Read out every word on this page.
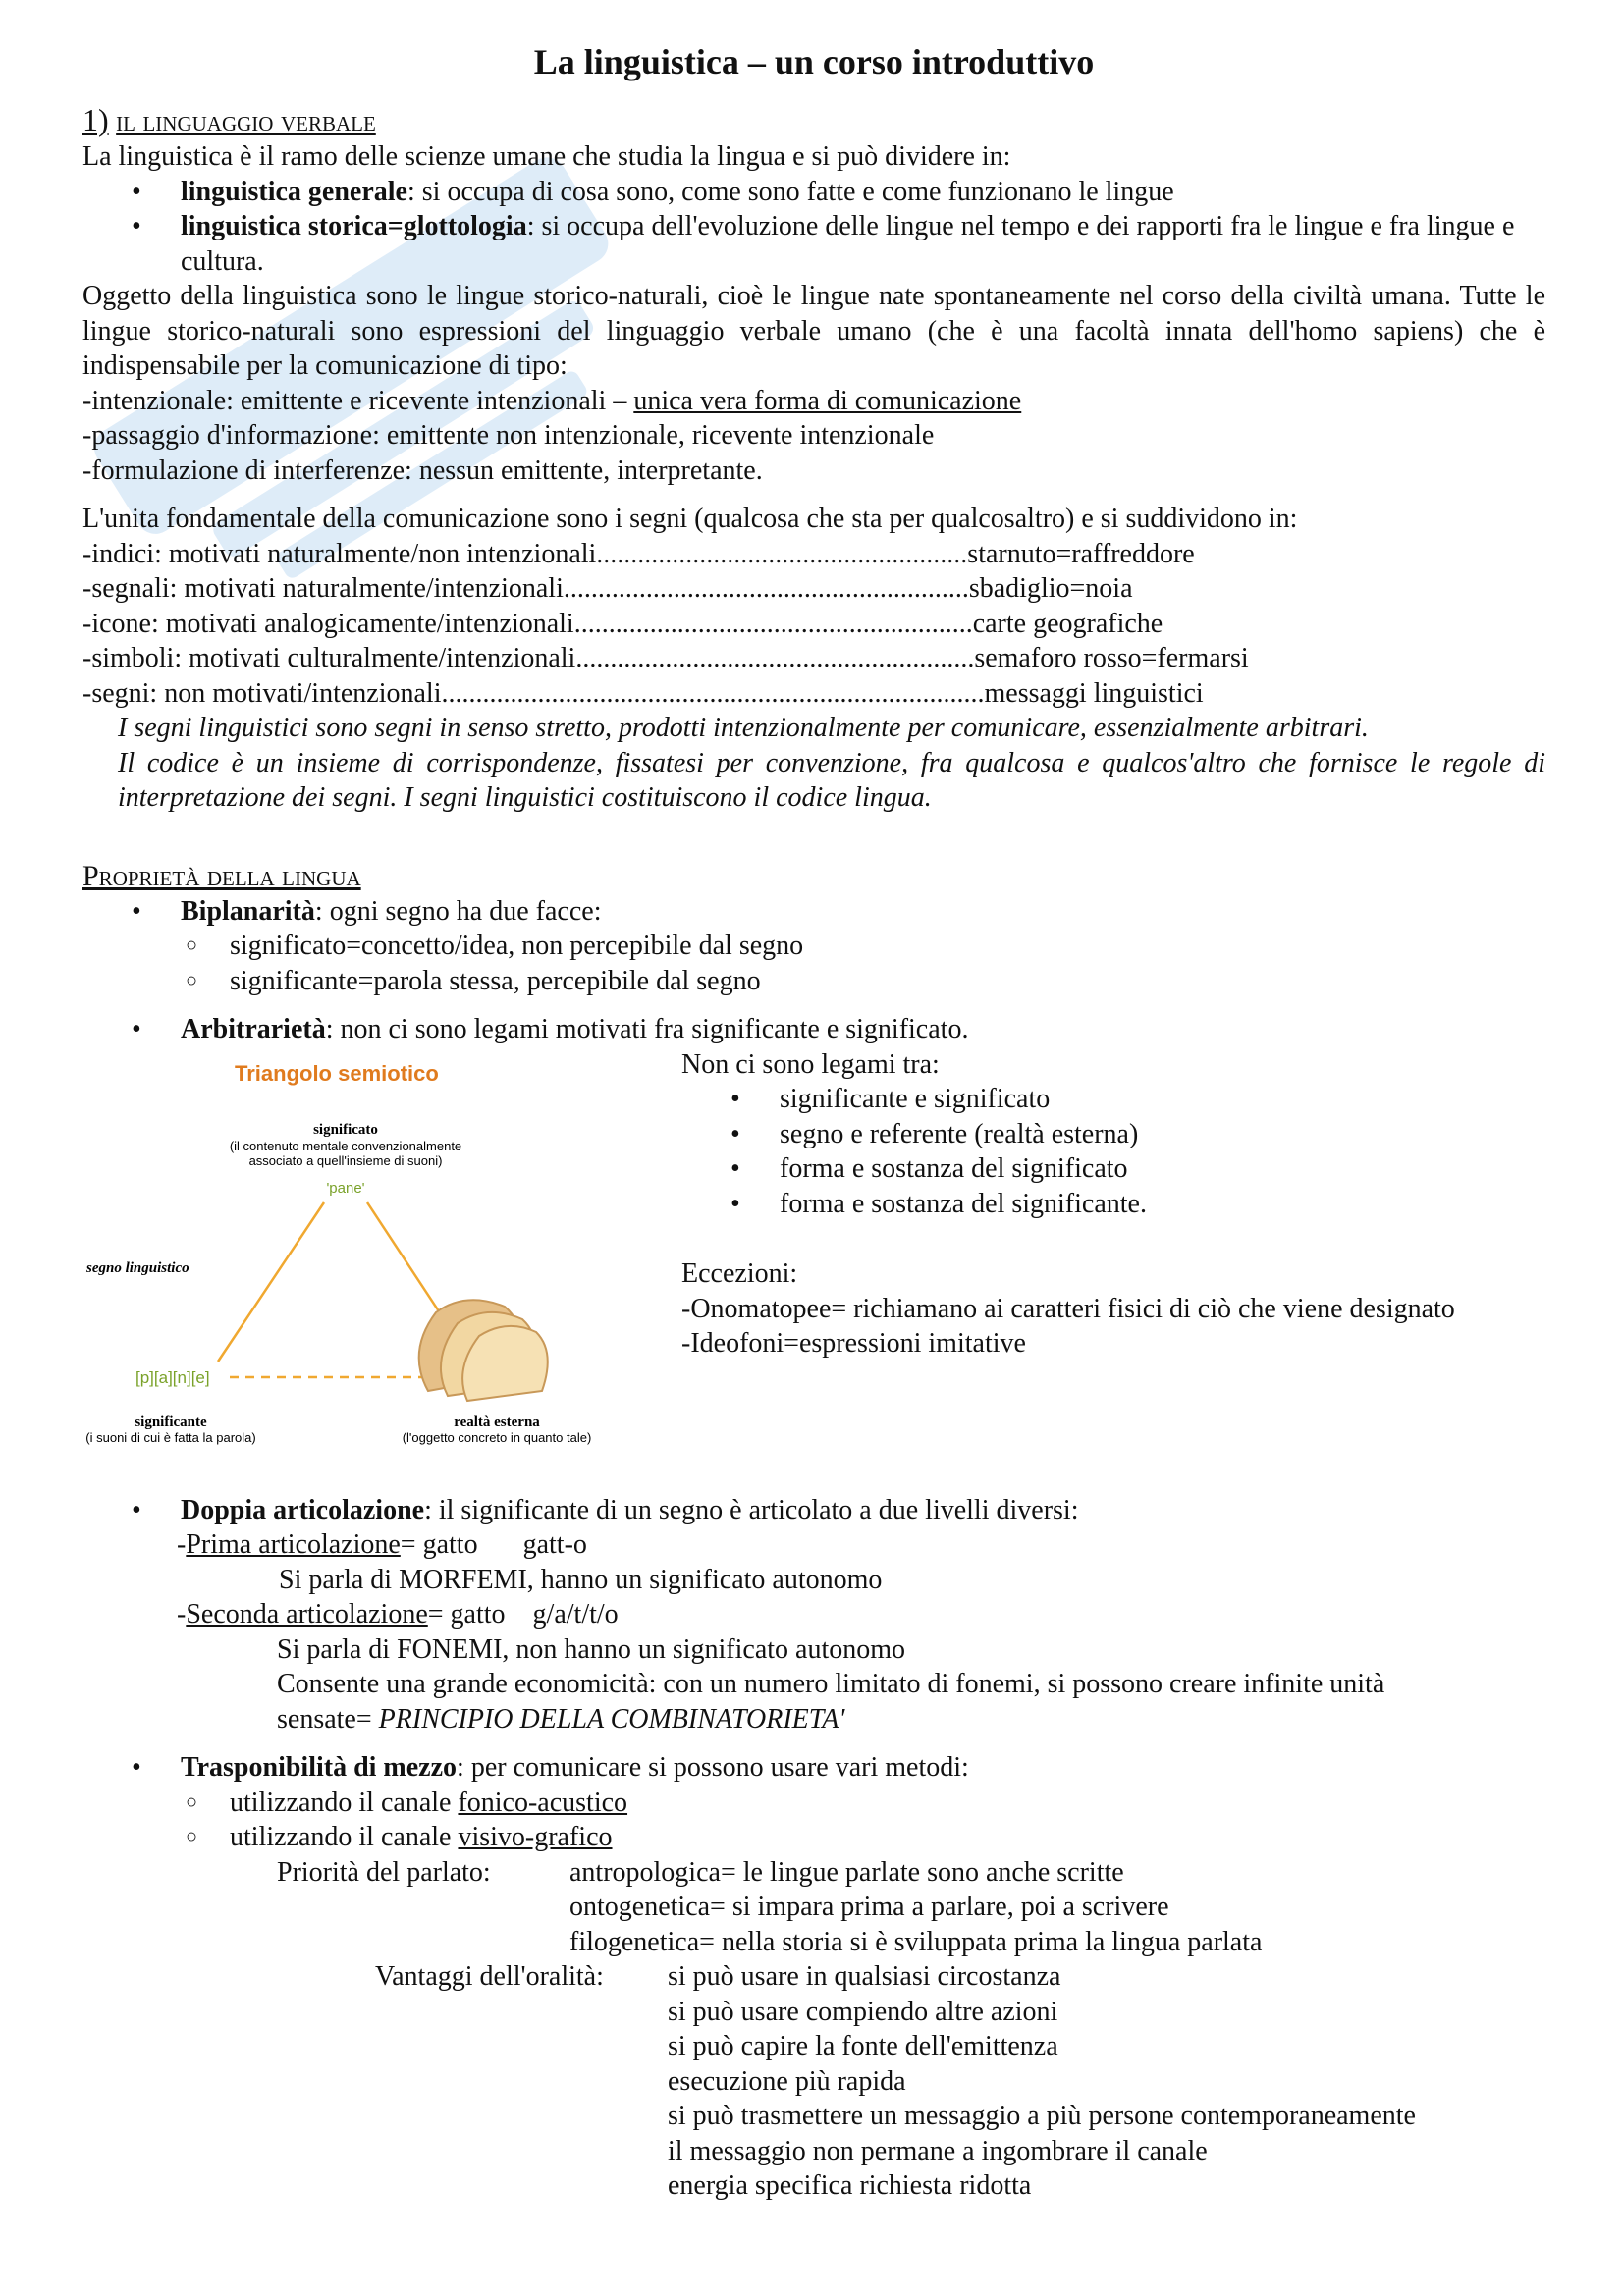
La linguistica – un corso introduttivo
1) il linguaggio verbale

La linguistica è il ramo delle scienze umane che studia la lingua e si può dividere in:

• linguistica generale: si occupa di cosa sono, come sono fatte e come funzionano le lingue
• linguistica storica=glottologia: si occupa dell'evoluzione delle lingue nel tempo e dei rapporti fra le lingue e fra lingue e cultura.

Oggetto della linguistica sono le lingue storico-naturali, cioè le lingue nate spontaneamente nel corso della civiltà umana. Tutte le lingue storico-naturali sono espressioni del linguaggio verbale umano (che è una facoltà innata dell'homo sapiens) che è indispensabile per la comunicazione di tipo:

-intenzionale: emittente e ricevente intenzionali – unica vera forma di comunicazione

-passaggio d'informazione: emittente non intenzionale, ricevente intenzionale

-formulazione di interferenze: nessun emittente, interpretante.

L'unita fondamentale della comunicazione sono i segni (qualcosa che sta per qualcosaltro) e si suddividono in:

-indici: motivati naturalmente/non intenzionali......................................................starnuto=raffreddore

-segnali: motivati naturalmente/intenzionali...........................................................sbadiglio=noia

-icone: motivati analogicamente/intenzionali..........................................................carte geografiche

-simboli: motivati culturalmente/intenzionali..........................................................semaforo rosso=fermarsi

-segni: non motivati/intenzionali...............................................................................messaggi linguistici

I segni linguistici sono segni in senso stretto, prodotti intenzionalmente per comunicare, essenzialmente arbitrari.

Il codice è un insieme di corrispondenze, fissatesi per convenzione, fra qualcosa e qualcos'altro che fornisce le regole di interpretazione dei segni. I segni linguistici costituiscono il codice lingua.

Proprietà della lingua
• Biplanarità: ogni segno ha due facce:
○ significato=concetto/idea, non percepibile dal segno
○ significante=parola stessa, percepibile dal segno
• Arbitrarietà: non ci sono legami motivati fra significante e significato.
Triangolo semiotico
significato
(il contenuto mentale convenzionalmente
associato a quell'insieme di suoni)
'pane'
segno linguistico
[p][a][n][e]
significante
(i suoni di cui è fatta la parola)
realtà esterna
(l'oggetto concreto in quanto tale)

Non ci sono legami tra:

• significante e significato
• segno e referente (realtà esterna)
• forma e sostanza del significato
• forma e sostanza del significante.

Eccezioni:

-Onomatopee= richiamano ai caratteri fisici di ciò che viene designato

-Ideofoni=espressioni imitative

• Doppia articolazione: il significante di un segno è articolato a due livelli diversi:

-Prima articolazione= gatto gatt-o

Si parla di MORFEMI, hanno un significato autonomo

-Seconda articolazione= gatto g/a/t/t/o

Si parla di FONEMI, non hanno un significato autonomo

Consente una grande economicità: con un numero limitato di fonemi, si possono creare infinite unità

sensate= PRINCIPIO DELLA COMBINATORIETA'

• Trasponibilità di mezzo: per comunicare si possono usare vari metodi:
○ utilizzando il canale fonico-acustico
○ utilizzando il canale visivo-grafico
Priorità del parlato:	antropologica= le lingue parlate sono anche scritte

ontogenetica= si impara prima a parlare, poi a scrivere

filogenetica= nella storia si è sviluppata prima la lingua parlata

Vantaggi dell'oralità:	si può usare in qualsiasi circostanza

si può usare compiendo altre azioni

si può capire la fonte dell'emittenza

esecuzione più rapida

si può trasmettere un messaggio a più persone contemporaneamente

il messaggio non permane a ingombrare il canale

energia specifica richiesta ridotta
